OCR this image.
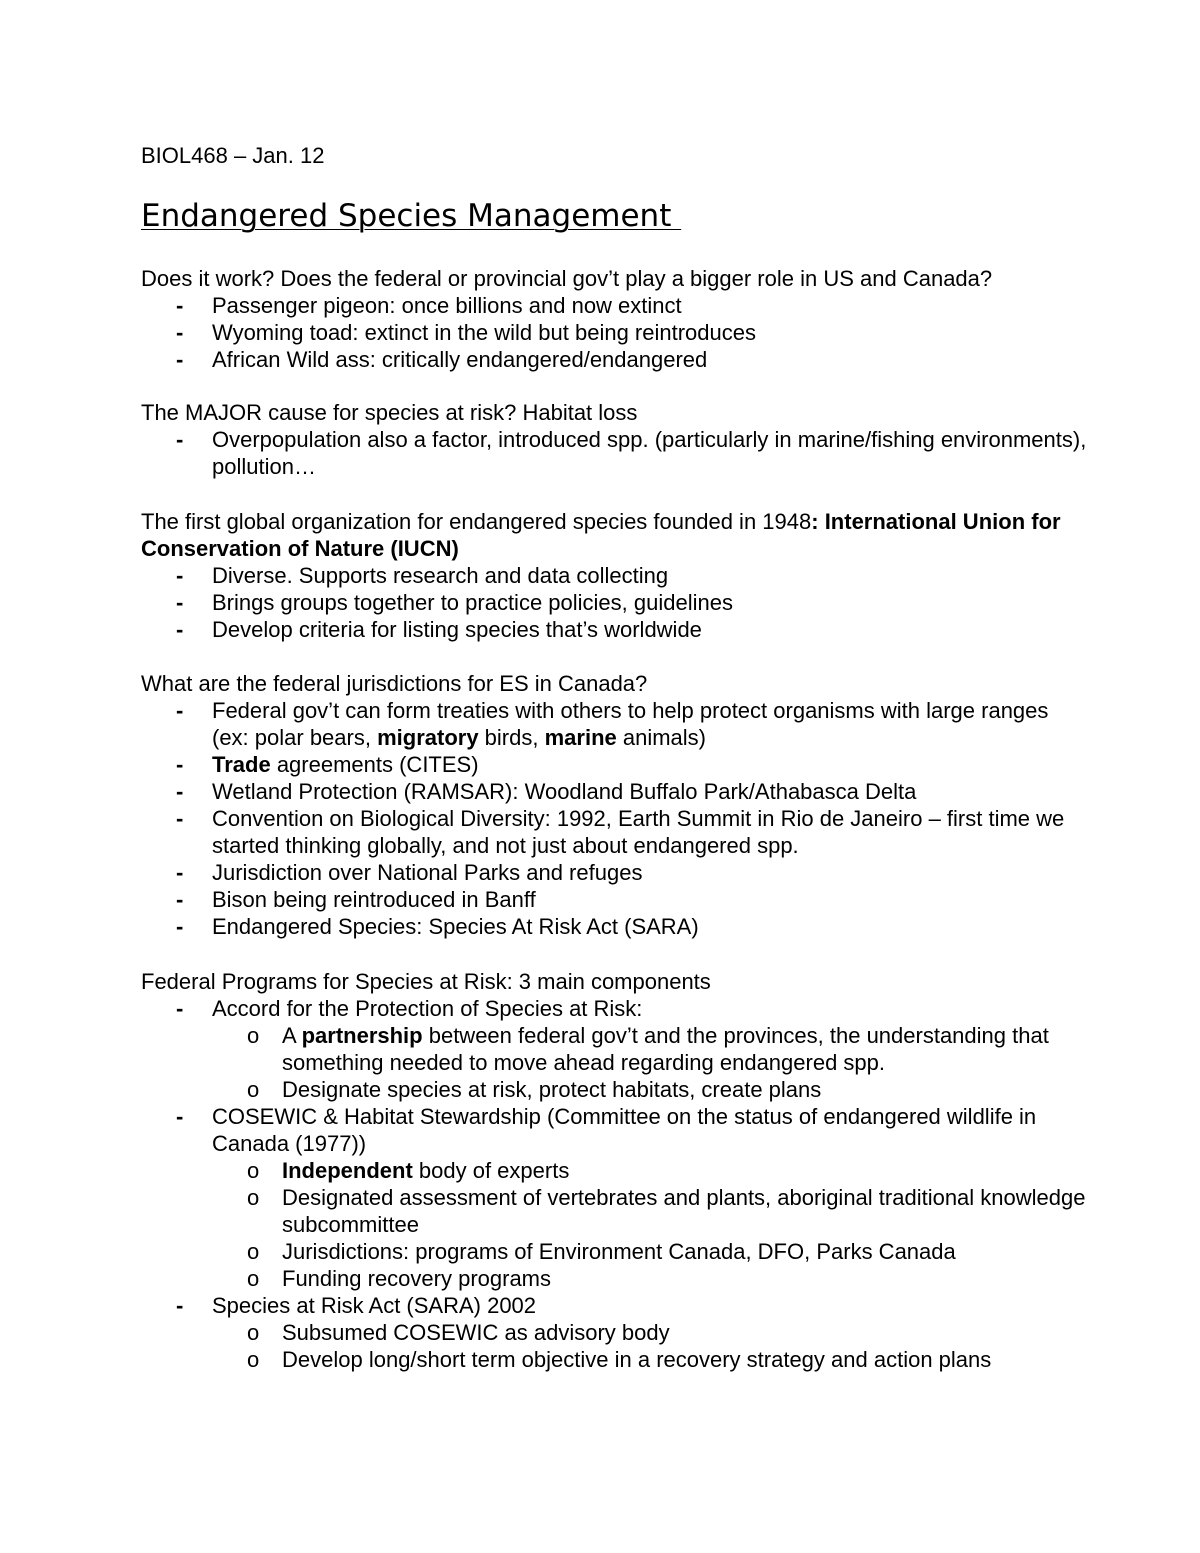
BIOL468 – Jan. 12
Endangered Species Management

Does it work? Does the federal or provincial gov’t play a bigger role in US and Canada?

- Passenger pigeon: once billions and now extinct
- Wyoming toad: extinct in the wild but being reintroduces
- African Wild ass: critically endangered/endangered

The MAJOR cause for species at risk? Habitat loss

- Overpopulation also a factor, introduced spp. (particularly in marine/fishing environments), pollution…

The first global organization for endangered species founded in 1948: International Union for Conservation of Nature (IUCN)

- Diverse. Supports research and data collecting
- Brings groups together to practice policies, guidelines
- Develop criteria for listing species that’s worldwide

What are the federal jurisdictions for ES in Canada?

- Federal gov’t can form treaties with others to help protect organisms with large ranges (ex: polar bears, migratory birds, marine animals)
- Trade agreements (CITES)
- Wetland Protection (RAMSAR): Woodland Buffalo Park/Athabasca Delta
- Convention on Biological Diversity: 1992, Earth Summit in Rio de Janeiro – first time we started thinking globally, and not just about endangered spp.
- Jurisdiction over National Parks and refuges
- Bison being reintroduced in Banff
- Endangered Species: Species At Risk Act (SARA)

Federal Programs for Species at Risk: 3 main components

- Accord for the Protection of Species at Risk:
o A partnership between federal gov’t and the provinces, the understanding that something needed to move ahead regarding endangered spp.
o Designate species at risk, protect habitats, create plans
- COSEWIC & Habitat Stewardship (Committee on the status of endangered wildlife in Canada (1977))
o Independent body of experts
o Designated assessment of vertebrates and plants, aboriginal traditional knowledge subcommittee
o Jurisdictions: programs of Environment Canada, DFO, Parks Canada
o Funding recovery programs
- Species at Risk Act (SARA) 2002
o Subsumed COSEWIC as advisory body
o Develop long/short term objective in a recovery strategy and action plans
